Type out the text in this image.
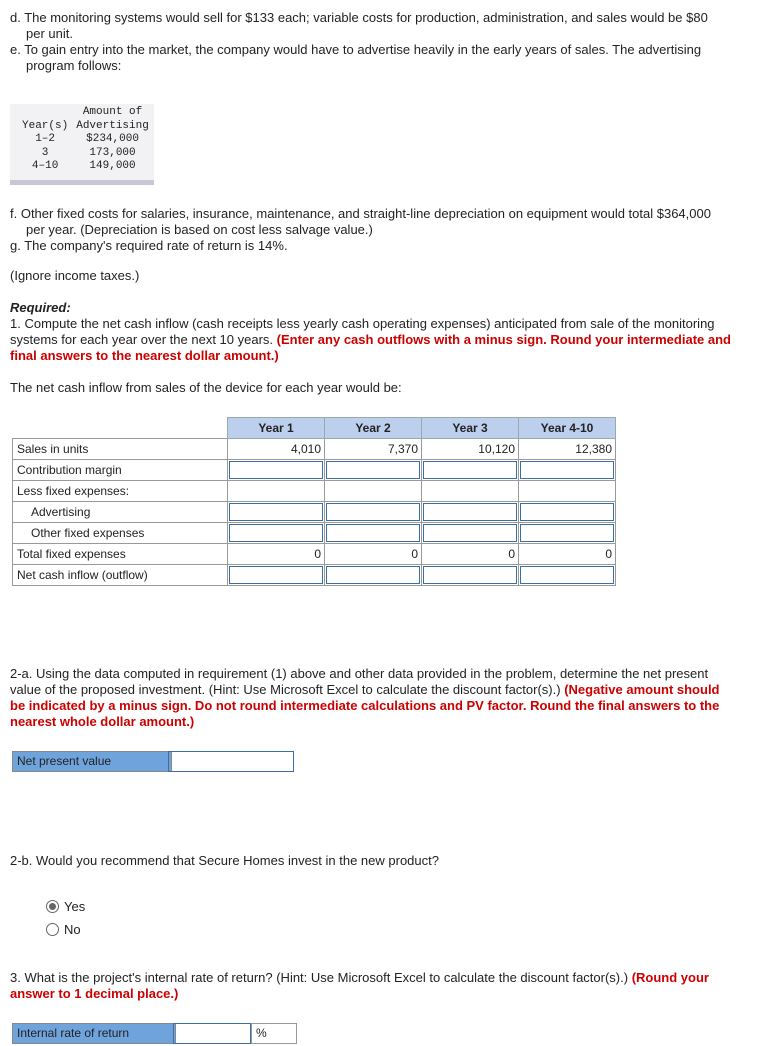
d. The monitoring systems would sell for $133 each; variable costs for production, administration, and sales would be $80
per unit.
e. To gain entry into the market, the company would have to advertise heavily in the early years of sales. The advertising
program follows:
	Amount of
Year(s)	Advertising
1–2	$234,000
3	173,000
4–10	149,000
f. Other fixed costs for salaries, insurance, maintenance, and straight-line depreciation on equipment would total $364,000
per year. (Depreciation is based on cost less salvage value.)
g. The company's required rate of return is 14%.
(Ignore income taxes.)
Required:
1. Compute the net cash inflow (cash receipts less yearly cash operating expenses) anticipated from sale of the monitoring
systems for each year over the next 10 years. (Enter any cash outflows with a minus sign. Round your intermediate and
final answers to the nearest dollar amount.)
The net cash inflow from sales of the device for each year would be:
	Year 1	Year 2	Year 3	Year 4-10
Sales in units	4,010	7,370	10,120	12,380
Contribution margin	

Less fixed expenses:				
Advertising	

Other fixed expenses	

Total fixed expenses	0	0	0	0
Net cash inflow (outflow)	

2-a. Using the data computed in requirement (1) above and other data provided in the problem, determine the net present
value of the proposed investment. (Hint: Use Microsoft Excel to calculate the discount factor(s).) (Negative amount should
be indicated by a minus sign. Do not round intermediate calculations and PV factor. Round the final answers to the
nearest whole dollar amount.)
Net present value
2-b. Would you recommend that Secure Homes invest in the new product?
Yes
No
3. What is the project's internal rate of return? (Hint: Use Microsoft Excel to calculate the discount factor(s).) (Round your
answer to 1 decimal place.)
Internal rate of return	%
